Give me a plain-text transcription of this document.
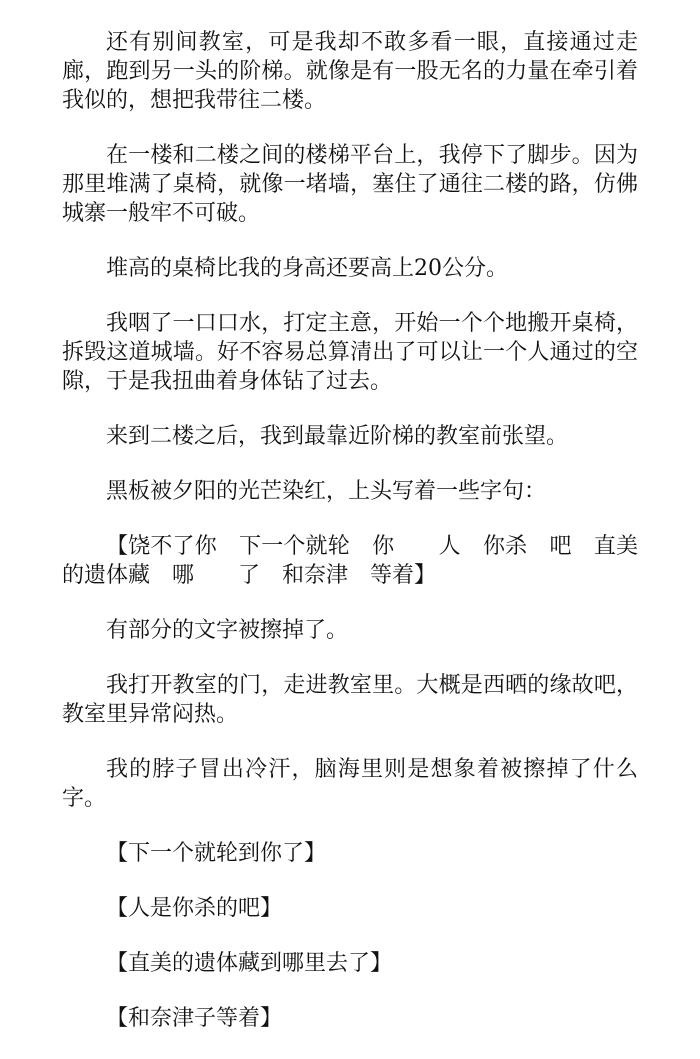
还有别间教室，可是我却不敢多看一眼，直接通过走廊，跑到另一头的阶梯。就像是有一股无名的力量在牵引着我似的，想把我带往二楼。

在一楼和二楼之间的楼梯平台上，我停下了脚步。因为那里堆满了桌椅，就像一堵墙，塞住了通往二楼的路，仿佛城寨一般牢不可破。

堆高的桌椅比我的身高还要高上20公分。

我咽了一口口水，打定主意，开始一个个地搬开桌椅，拆毁这道城墙。好不容易总算清出了可以让一个人通过的空隙，于是我扭曲着身体钻了过去。

来到二楼之后，我到最靠近阶梯的教室前张望。

黑板被夕阳的光芒染红，上头写着一些字句：

【饶不了你　下一个就轮　你　　人　你杀　吧　直美的遗体藏　哪　　了　和奈津　等着】

有部分的文字被擦掉了。

我打开教室的门，走进教室里。大概是西晒的缘故吧，教室里异常闷热。

我的脖子冒出冷汗，脑海里则是想象着被擦掉了什么字。

【下一个就轮到你了】

【人是你杀的吧】

【直美的遗体藏到哪里去了】

【和奈津子等着】
